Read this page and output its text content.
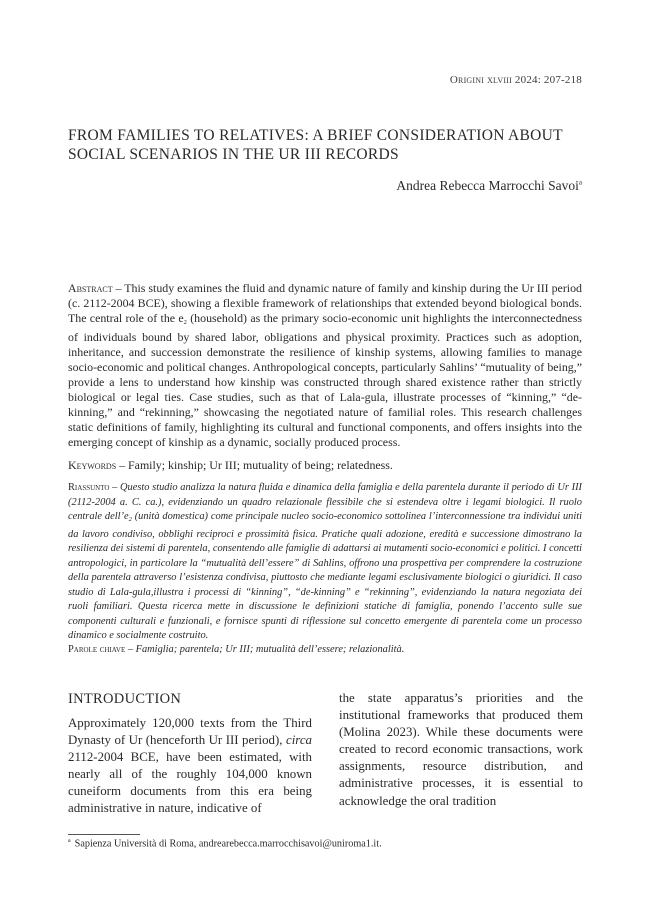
Origini xlviii 2024: 207-218
FROM FAMILIES TO RELATIVES: A BRIEF CONSIDERATION ABOUT SOCIAL SCENARIOS IN THE UR III RECORDS
Andrea Rebecca Marrocchi Savoi$^a$

Abstract – This study examines the fluid and dynamic nature of family and kinship during the Ur III period (c. 2112-2004 BCE), showing a flexible framework of relationships that extended beyond biological bonds. The central role of the $e_2$ (household) as the primary socio-economic unit highlights the interconnectedness of individuals bound by shared labor, obligations and physical proximity. Practices such as adoption, inheritance, and succession demonstrate the resilience of kinship systems, allowing families to manage socio-economic and political changes. Anthropological concepts, particularly Sahlins’ “mutuality of being,” provide a lens to understand how kinship was constructed through shared existence rather than strictly biological or legal ties. Case studies, such as that of Lala-gula, illustrate processes of “kinning,” “de-kinning,” and “rekinning,” showcasing the negotiated nature of familial roles. This research challenges static definitions of family, highlighting its cultural and functional components, and offers insights into the emerging concept of kinship as a dynamic, socially produced process.

Keywords – Family; kinship; Ur III; mutuality of being; relatedness.

Riassunto – Questo studio analizza la natura fluida e dinamica della famiglia e della parentela durante il periodo di Ur III (2112-2004 a. C. ca.), evidenziando un quadro relazionale flessibile che si estendeva oltre i legami biologici. Il ruolo centrale $dell’e_2$ (unità domestica) come principale nucleo socio-economico sottolinea l’interconnessione tra individui uniti da lavoro condiviso, obblighi reciproci e prossimità fisica. Pratiche quali adozione, eredità e successione dimostrano la resilienza dei sistemi di parentela, consentendo alle famiglie di adattarsi ai mutamenti socio-economici e politici. I concetti antropologici, in particolare la “mutualità dell’essere” di Sahlins, offrono una prospettiva per comprendere la costruzione della parentela attraverso l’esistenza condivisa, piuttosto che mediante legami esclusivamente biologici o giuridici. Il caso studio di Lala-gula,illustra i processi di “kinning”, “de-kinning” e “rekinning”, evidenziando la natura negoziata dei ruoli familiari. Questa ricerca mette in discussione le definizioni statiche di famiglia, ponendo l’accento sulle sue componenti culturali e funzionali, e fornisce spunti di riflessione sul concetto emergente di parentela come un processo dinamico e socialmente costruito.

Parole chiave – Famiglia; parentela; Ur III; mutualità dell’essere; relazionalità.

INTRODUCTION

Approximately 120,000 texts from the Third Dynasty of Ur (henceforth Ur III period), circa 2112-2004 BCE, have been estimated, with nearly all of the roughly 104,000 known cuneiform documents from this era being administrative in nature, indicative of

the state apparatus’s priorities and the institutional frameworks that produced them (Molina 2023). While these documents were created to record economic transactions, work assignments, resource distribution, and administrative processes, it is essential to acknowledge the oral tradition

$^a$ Sapienza Università di Roma, andrearebecca.marrocchisavoi@uniroma1.it.
